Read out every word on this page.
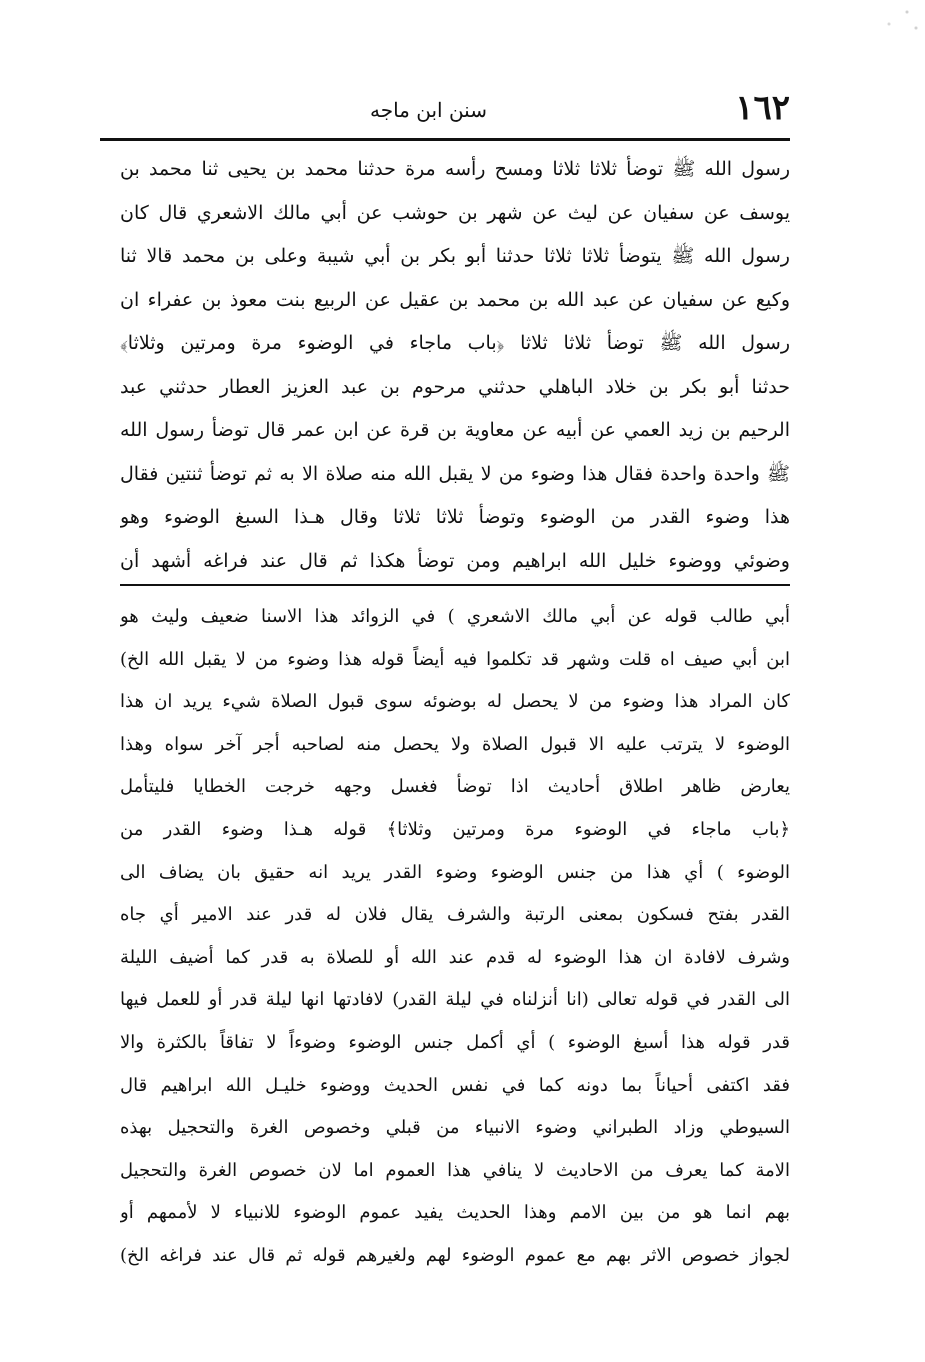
١٦٢
سنن ابن ماجه
رسول الله ﷺ توضأ ثلاثا ثلاثا ومسح رأسه مرة حدثنا محمد بن يحيى ثنا محمد بن
يوسف عن سفيان عن ليث عن شهر بن حوشب عن أبي مالك الاشعري قال كان
رسول الله ﷺ يتوضأ ثلاثا ثلاثا حدثنا أبو بكر بن أبي شيبة وعلى بن محمد قالا ثنا
وكيع عن سفيان عن عبد الله بن محمد بن عقيل عن الربيع بنت معوذ بن عفراء ان
رسول الله ﷺ توضأ ثلاثا ثلاثا ﴿باب ماجاء في الوضوء مرة ومرتين وثلاثا﴾
حدثنا أبو بكر بن خلاد الباهلي حدثني مرحوم بن عبد العزيز العطار حدثني عبد
الرحيم بن زيد العمي عن أبيه عن معاوية بن قرة عن ابن عمر قال توضأ رسول الله
ﷺ واحدة واحدة فقال هذا وضوء من لا يقبل الله منه صلاة الا به ثم توضأ ثنتين فقال
هذا وضوء القدر من الوضوء وتوضأ ثلاثا ثلاثا وقال هـذا السبغ الوضوء وهو
وضوئي ووضوء خليل الله ابراهيم ومن توضأ هكذا ثم قال عند فراغه أشهد أن
أبي طالب قوله عن أبي مالك الاشعري ) في الزوائد هذا الاسنا ضعيف وليث هو
ابن أبي صيف اه قلت وشهر قد تكلموا فيه أيضاً قوله هذا وضوء من لا يقبل الله الخ)
كان المراد هذا وضوء من لا يحصل له بوضوئه سوى قبول الصلاة شيء يريد ان هذا
الوضوء لا يترتب عليه الا قبول الصلاة ولا يحصل منه لصاحبه أجر آخر سواه وهذا
يعارض ظاهر اطلاق أحاديث اذا توضأ فغسل وجهه خرجت الخطايا فليتأمل
﴿باب ماجاء في الوضوء مرة ومرتين وثلاثا﴾ قوله هـذا وضوء القدر من
الوضوء ) أي هذا من جنس الوضوء وضوء القدر يريد انه حقيق بان يضاف الى
القدر بفتح فسكون بمعنى الرتبة والشرف يقال فلان له قدر عند الامير أي جاه
وشرف لافادة ان هذا الوضوء له قدم عند الله أو للصلاة به قدر كما أضيف الليلة
الى القدر في قوله تعالى (انا أنزلناه في ليلة القدر) لافادتها انها ليلة قدر أو للعمل فيها
قدر قوله هذا أسبغ الوضوء ) أي أكمل جنس الوضوء وضوءاً لا تفاقاً بالكثرة والا
فقد اكتفى أحياناً بما دونه كما في نفس الحديث ووضوء خليـل الله ابراهيم قال
السيوطي وزاد الطبراني وضوء الانبياء من قبلي وخصوص الغرة والتحجيل بهذه
الامة كما يعرف من الاحاديث لا ينافي هذا العموم اما لان خصوص الغرة والتحجيل
بهم انما هو من بين الامم وهذا الحديث يفيد عموم الوضوء للانبياء لا لأممهم أو
لجواز خصوص الاثر بهم مع عموم الوضوء لهم ولغيرهم قوله ثم قال عند فراغه الخ)
